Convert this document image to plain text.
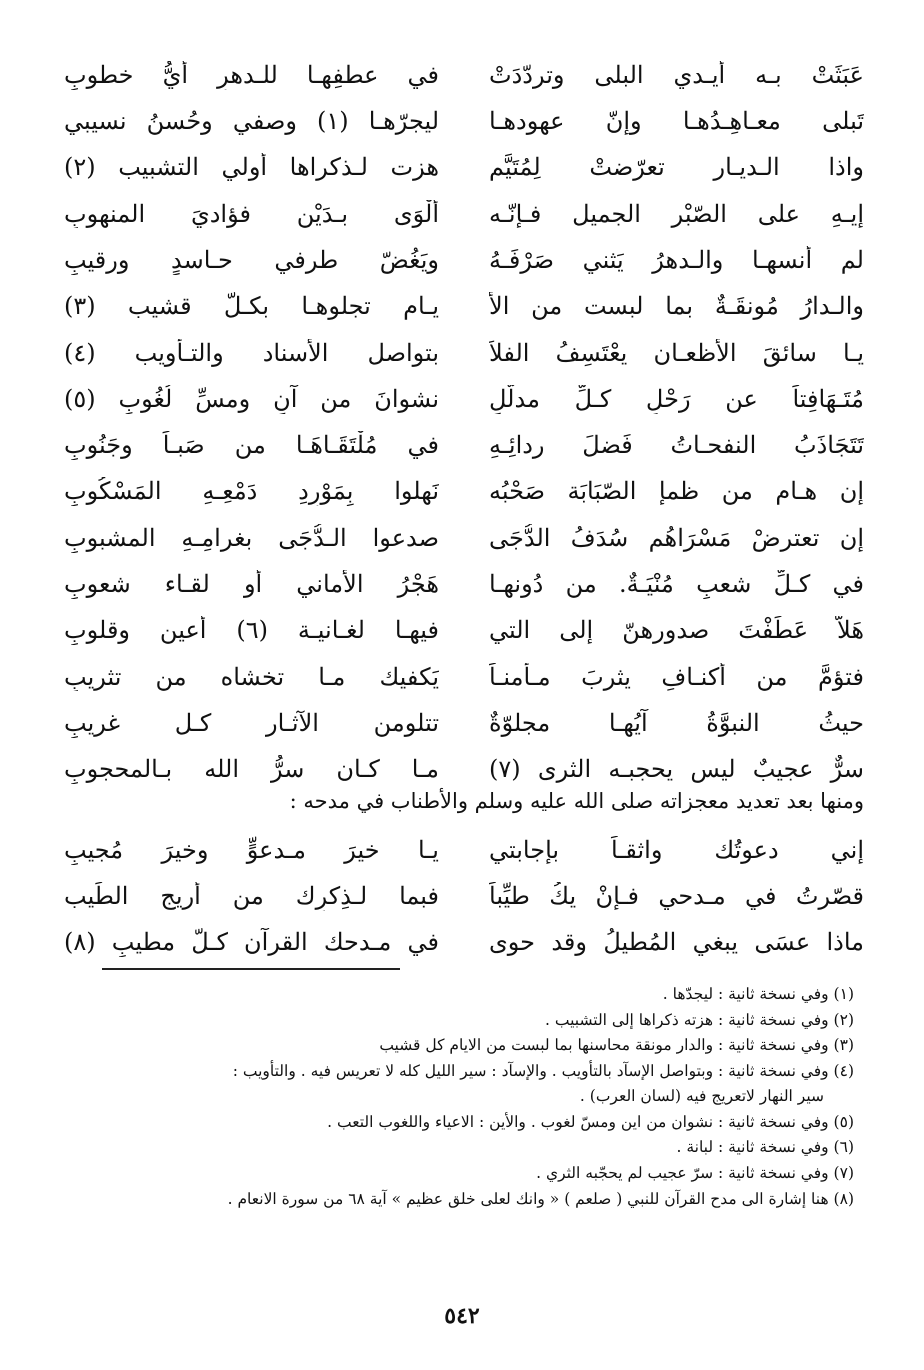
عَبَثَتْ بـه أيـدي البلى وتردّدَتْ
في عطفِهـا للـدهرِ أيُّ خطوبِ
تَبلى معـاهِـدُهـا وإنّ عهودهـا
ليجرّهـا (١) وصفي وحُسنُ نسيبي
واذا الـديـار تعرّضتْ لِمُتَيَّمٍ
هزت لـذكراها أولي التشبيب (٢)
إيـهِ على الصّبْرِ الجميلِ فـإنّـه
ألْوَى بـدَيْن فؤاديَ المنهوبِ
لم أنسهـا والـدهرُ يَثني صَرْفَـهُ
ويَغُضّ طرفي حـاسدٍ ورقيبِ
والـدارُ مُونقَـةٌ بما لبست من الأ
يـام تجلوهـا بكـلّ قشيب (٣)
يـا سائقَ الأظعـان يعْتَسِفُ الفلاَ
بتواصلِ الأسناد والتـأويب (٤)
مُتَـهَافِتاً عن رَحْلِ كـلِّ مدلّلٍ
نشوانَ من آنٍ ومسِّ لُغُوبِ (٥)
تَتَجَاذَبُ النفحـاتُ فَضلَ ردائِـهِ
في مُلْتَقَـاهَـا من صَبـاً وجَنُوبِ
إن هـام من ظمإِ الصّبَابَة صَحْبُه
نَهلوا بِمَوْرِدِ دَمْعِـهِ المَسْكُوبِ
إن تعترضْ مَسْرَاهُم سُدَفُ الدُّجَى
صدعوا الـدُّجَى بغرامِـهِ المشبوبِ
في كـلِّ شعبٍ مُنْيَـةٌ. من دُونهـا
هَجْرُ الأماني أو لقـاء شعوبِ
هَلاّ عَطَفْتَ صدورهنّ إلى التي
فيهـا لغـانيـة (٦) أعينٍ وقلوبِ
فتؤمَّ من أكنـافِ يثربَ مـأمنـاً
يَكفيك مـا تخشاه من تثريبِ
حيثُ النبوَّةُ آيُهـا مجلوّةٌ
تتلومن الآثـار كـل غريبِ
سرٌّ عجيبٌ ليس يحجبـه الثرى (٧)
مـا كـان سرُّ الله بـالمحجوبِ
ومنها بعد تعديد معجزاته صلى الله عليه وسلم والأطناب في مدحه :
إني دعوتُك واثقـاً بإجابتي
يـا خيرَ مـدعوٍّ وخيرَ مُجيبِ
قصّرتُ في مـدحي فـإنْ يكُ طيِّباً
فبما لـذِكرِك من أريجِ الطِّيب
ماذا عسَى يبغي المُطيلُ وقد حوى
في مـدحك القرآن كـلَّ مطيبِ (٨)
(١) وفي نسخة ثانية : ليجدّها .
(٢) وفي نسخة ثانية : هزته ذكراها إلى التشبيب .
(٣) وفي نسخة ثانية : والدار مونقة محاسنها بما لبست من الايام كل قشيب
(٤) وفي نسخة ثانية : وبتواصل الإسآد بالتأويب . والإسآد : سير الليل كله لا تعريس فيه . والتأويب :
سير النهار لاتعريج فيه (لسان العرب) .
(٥) وفي نسخة ثانية : نشوان من اين ومسّ لغوب . والأين : الاعياء واللغوب التعب .
(٦) وفي نسخة ثانية : لبانة .
(٧) وفي نسخة ثانية : سرّ عجيب لم يحجّبه الثري .
(٨) هنا إشارة الى مدح القرآن للنبي ( صلعم ) « وانك لعلى خلق عظيم » آية ٦٨ من سورة الانعام .
٥٤٢
